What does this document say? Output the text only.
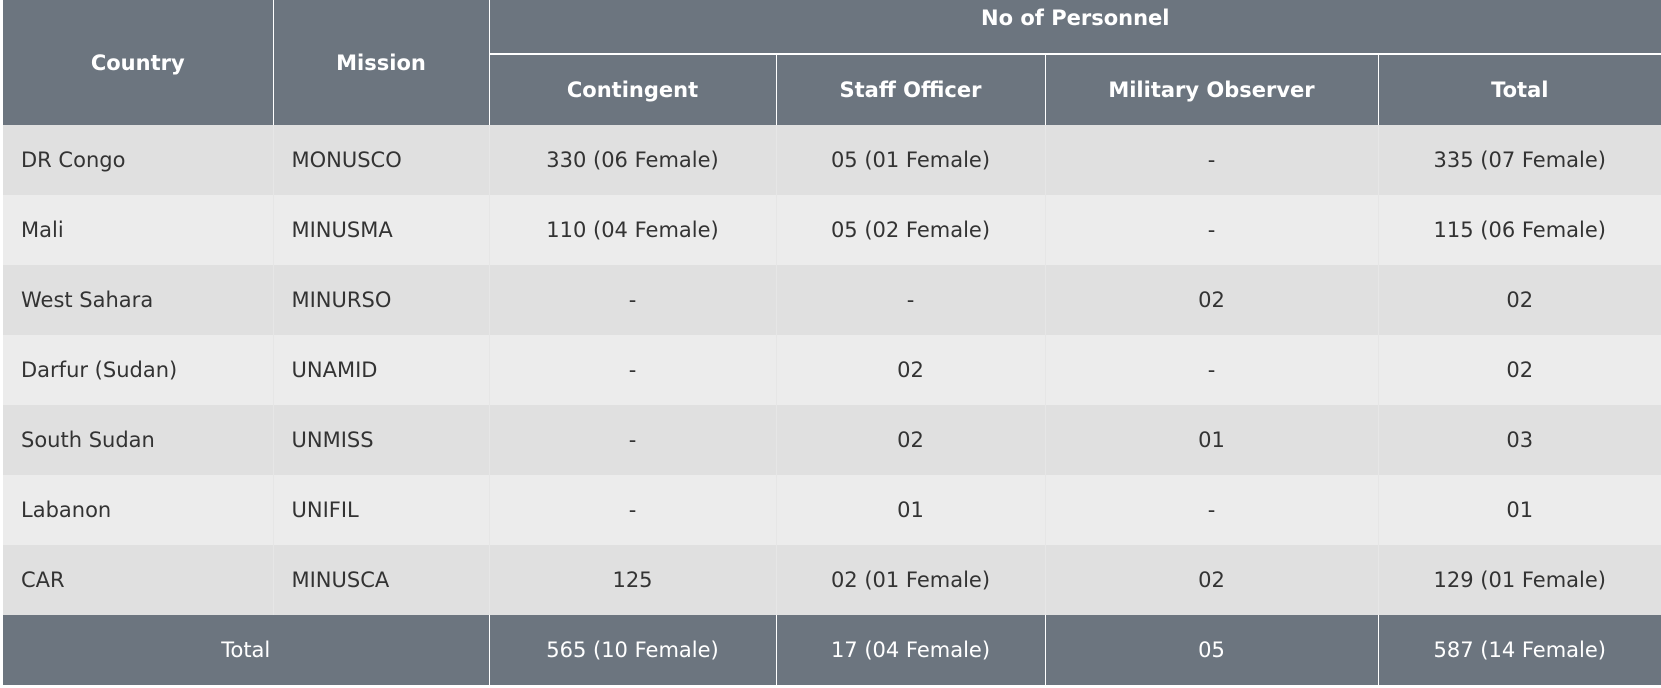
Country	Mission	No of Personnel			
		Contingent	Staff Officer	Military Observer	Total
DR Congo	MONUSCO	330 (06 Female)	05 (01 Female)	-	335 (07 Female)
Mali	MINUSMA	110 (04 Female)	05 (02 Female)	-	115 (06 Female)
West Sahara	MINURSO	-	-	02	02
Darfur (Sudan)	UNAMID	-	02	-	02
South Sudan	UNMISS	-	02	01	03
Labanon	UNIFIL	-	01	-	01
CAR	MINUSCA	125	02 (01 Female)	02	129 (01 Female)
Total		565 (10 Female)	17 (04 Female)	05	587 (14 Female)
